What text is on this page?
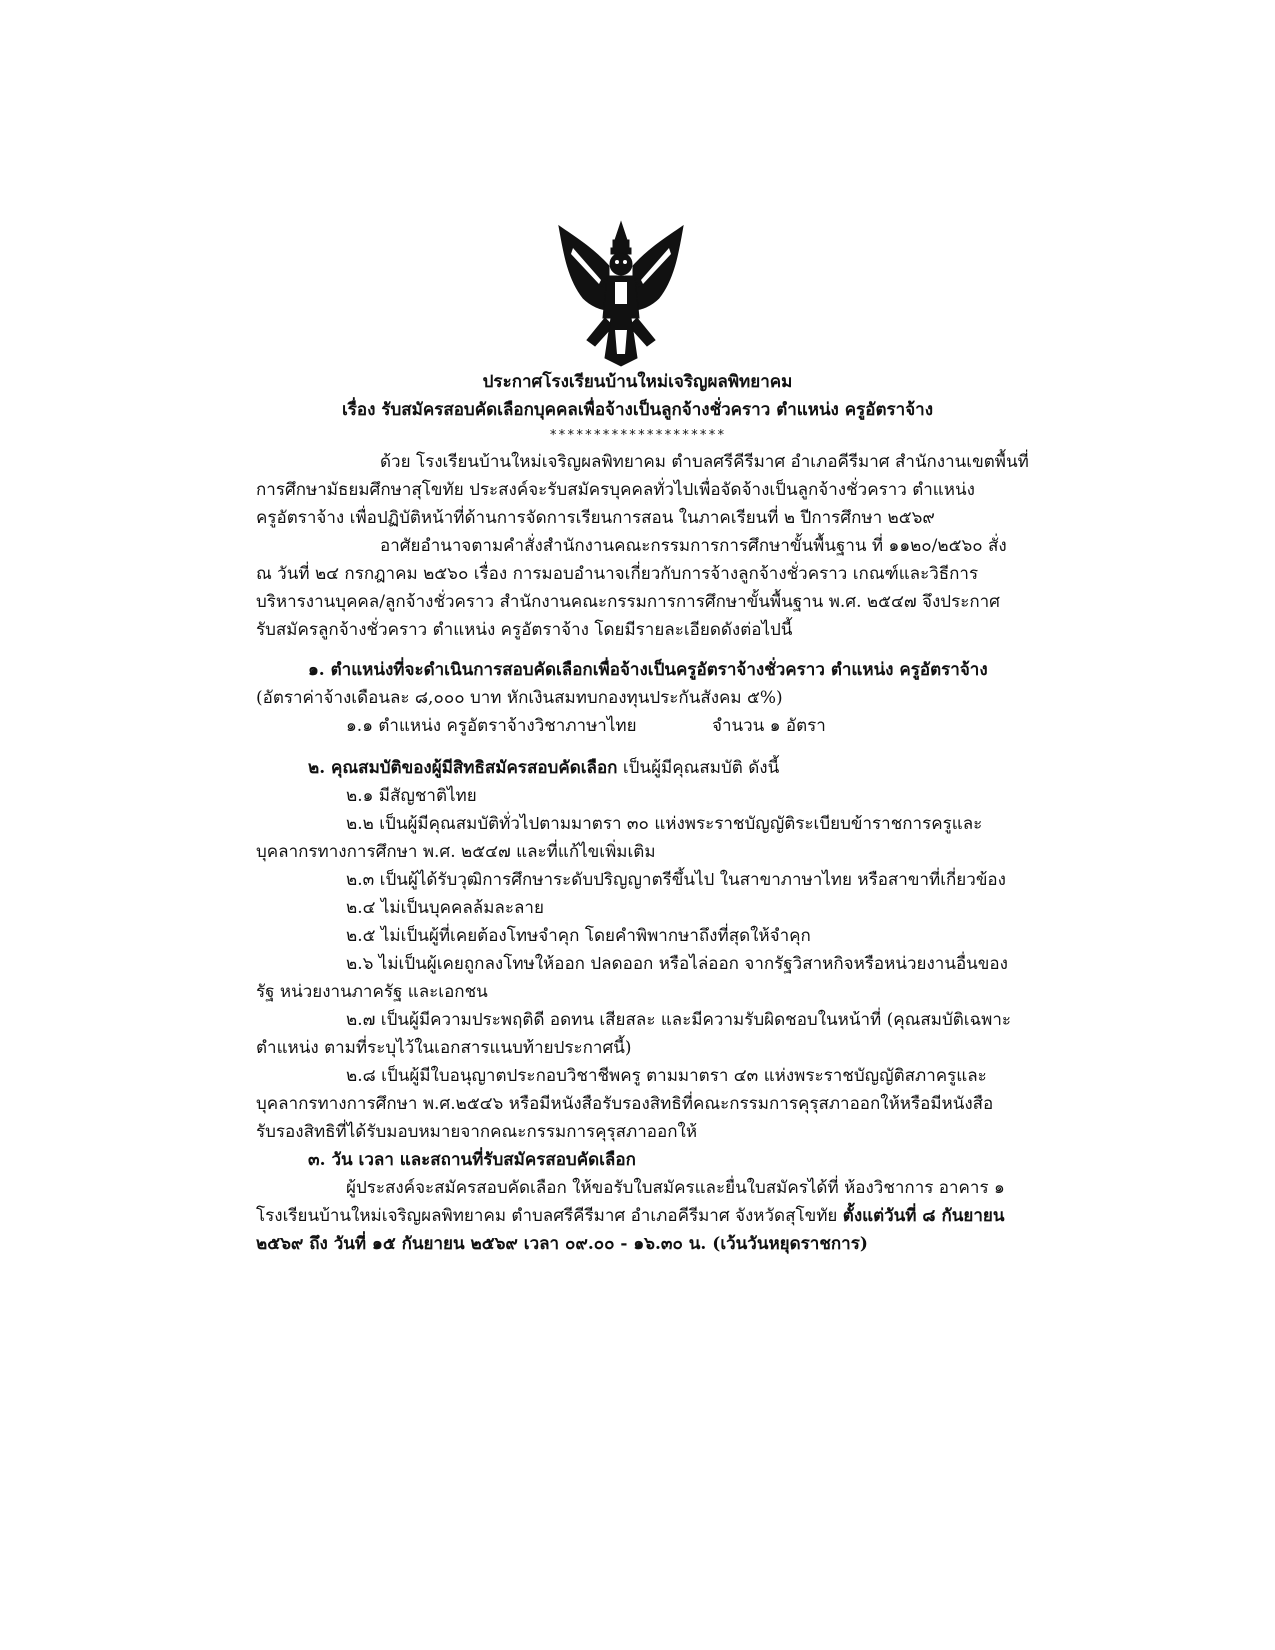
ประกาศโรงเรียนบ้านใหม่เจริญผลพิทยาคม
เรื่อง รับสมัครสอบคัดเลือกบุคคลเพื่อจ้างเป็นลูกจ้างชั่วคราว ตำแหน่ง ครูอัตราจ้าง
********************
ด้วย โรงเรียนบ้านใหม่เจริญผลพิทยาคม ตำบลศรีคีรีมาศ อำเภอคีรีมาศ สำนักงานเขตพื้นที่
การศึกษามัธยมศึกษาสุโขทัย ประสงค์จะรับสมัครบุคคลทั่วไปเพื่อจัดจ้างเป็นลูกจ้างชั่วคราว ตำแหน่ง
ครูอัตราจ้าง เพื่อปฏิบัติหน้าที่ด้านการจัดการเรียนการสอน ในภาคเรียนที่ ๒ ปีการศึกษา ๒๕๖๙
อาศัยอำนาจตามคำสั่งสำนักงานคณะกรรมการการศึกษาขั้นพื้นฐาน ที่ ๑๑๒๐/๒๕๖๐ สั่ง
ณ วันที่ ๒๔ กรกฎาคม ๒๕๖๐ เรื่อง การมอบอำนาจเกี่ยวกับการจ้างลูกจ้างชั่วคราว เกณฑ์และวิธีการ
บริหารงานบุคคล/ลูกจ้างชั่วคราว สำนักงานคณะกรรมการการศึกษาขั้นพื้นฐาน พ.ศ. ๒๕๔๗ จึงประกาศ
รับสมัครลูกจ้างชั่วคราว ตำแหน่ง ครูอัตราจ้าง โดยมีรายละเอียดดังต่อไปนี้
๑. ตำแหน่งที่จะดำเนินการสอบคัดเลือกเพื่อจ้างเป็นครูอัตราจ้างชั่วคราว ตำแหน่ง ครูอัตราจ้าง
(อัตราค่าจ้างเดือนละ ๘,๐๐๐ บาท หักเงินสมทบกองทุนประกันสังคม ๕%)
๑.๑ ตำแหน่ง ครูอัตราจ้างวิชาภาษาไทย	จำนวน ๑ อัตรา
๒. คุณสมบัติของผู้มีสิทธิสมัครสอบคัดเลือก เป็นผู้มีคุณสมบัติ ดังนี้
๒.๑ มีสัญชาติไทย
๒.๒ เป็นผู้มีคุณสมบัติทั่วไปตามมาตรา ๓๐ แห่งพระราชบัญญัติระเบียบข้าราชการครูและ
บุคลากรทางการศึกษา พ.ศ. ๒๕๔๗ และที่แก้ไขเพิ่มเติม
๒.๓ เป็นผู้ได้รับวุฒิการศึกษาระดับปริญญาตรีขึ้นไป ในสาขาภาษาไทย หรือสาขาที่เกี่ยวข้อง
๒.๔ ไม่เป็นบุคคลล้มละลาย
๒.๕ ไม่เป็นผู้ที่เคยต้องโทษจำคุก โดยคำพิพากษาถึงที่สุดให้จำคุก
๒.๖ ไม่เป็นผู้เคยถูกลงโทษให้ออก ปลดออก หรือไล่ออก จากรัฐวิสาหกิจหรือหน่วยงานอื่นของ
รัฐ หน่วยงานภาครัฐ และเอกชน
๒.๗ เป็นผู้มีความประพฤติดี อดทน เสียสละ และมีความรับผิดชอบในหน้าที่ (คุณสมบัติเฉพาะ
ตำแหน่ง ตามที่ระบุไว้ในเอกสารแนบท้ายประกาศนี้)
๒.๘ เป็นผู้มีใบอนุญาตประกอบวิชาชีพครู ตามมาตรา ๔๓ แห่งพระราชบัญญัติสภาครูและ
บุคลากรทางการศึกษา พ.ศ.๒๕๔๖ หรือมีหนังสือรับรองสิทธิที่คณะกรรมการคุรุสภาออกให้หรือมีหนังสือ
รับรองสิทธิที่ได้รับมอบหมายจากคณะกรรมการคุรุสภาออกให้
๓. วัน เวลา และสถานที่รับสมัครสอบคัดเลือก
ผู้ประสงค์จะสมัครสอบคัดเลือก ให้ขอรับใบสมัครและยื่นใบสมัครได้ที่ ห้องวิชาการ อาคาร ๑
โรงเรียนบ้านใหม่เจริญผลพิทยาคม ตำบลศรีคีรีมาศ อำเภอคีรีมาศ จังหวัดสุโขทัย ตั้งแต่วันที่ ๘ กันยายน
๒๕๖๙ ถึง วันที่ ๑๕ กันยายน ๒๕๖๙ เวลา ๐๙.๐๐ - ๑๖.๓๐ น. (เว้นวันหยุดราชการ)
